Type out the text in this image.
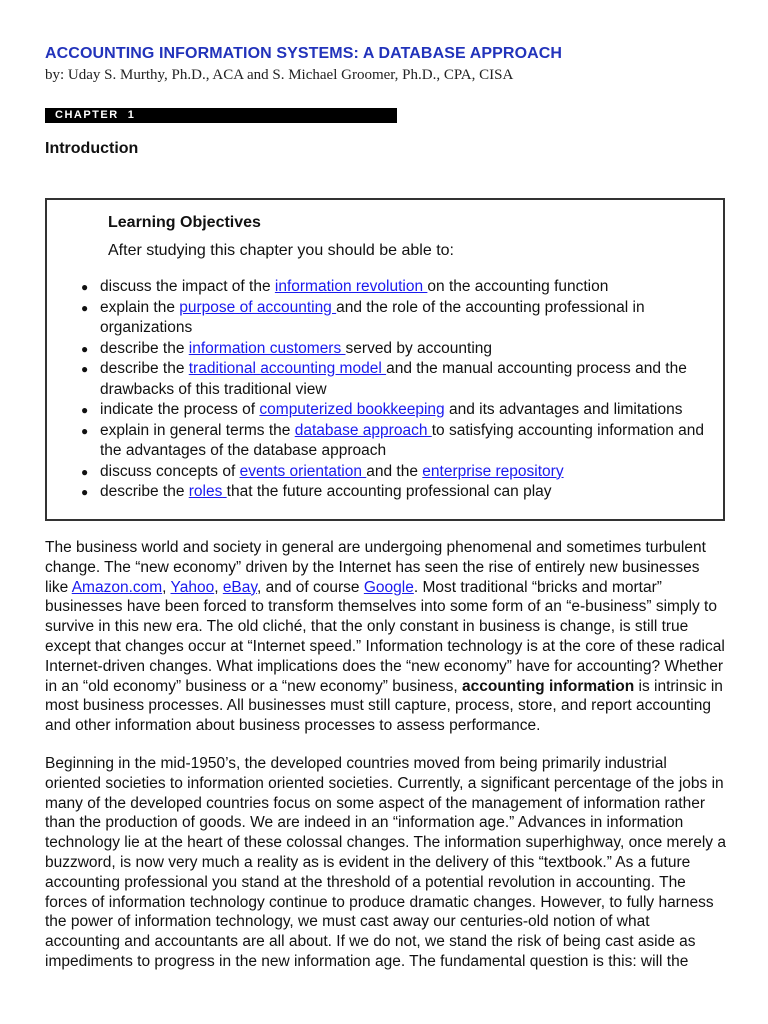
ACCOUNTING INFORMATION SYSTEMS: A DATABASE APPROACH
by: Uday S. Murthy, Ph.D., ACA and S. Michael Groomer, Ph.D., CPA, CISA
CHAPTER  1
Introduction
Learning Objectives
After studying this chapter you should be able to:
● discuss the impact of the information revolution on the accounting function
● explain the purpose of accounting and the role of the accounting professional in organizations
● describe the information customers served by accounting
● describe the traditional accounting model and the manual accounting process and the drawbacks of this traditional view
● indicate the process of computerized bookkeeping and its advantages and limitations
● explain in general terms the database approach to satisfying accounting information and the advantages of the database approach
● discuss concepts of events orientation and the enterprise repository
● describe the roles that the future accounting professional can play

The business world and society in general are undergoing phenomenal and sometimes turbulent change. The “new economy” driven by the Internet has seen the rise of entirely new businesses like Amazon.com, Yahoo, eBay, and of course Google. Most traditional “bricks and mortar” businesses have been forced to transform themselves into some form of an “e-business” simply to survive in this new era. The old cliché, that the only constant in business is change, is still true except that changes occur at “Internet speed.” Information technology is at the core of these radical Internet-driven changes. What implications does the “new economy” have for accounting? Whether in an “old economy” business or a “new economy” business, accounting information is intrinsic in most business processes. All businesses must still capture, process, store, and report accounting and other information about business processes to assess performance.

Beginning in the mid-1950’s, the developed countries moved from being primarily industrial oriented societies to information oriented societies. Currently, a significant percentage of the jobs in many of the developed countries focus on some aspect of the management of information rather than the production of goods. We are indeed in an “information age.” Advances in information technology lie at the heart of these colossal changes. The information superhighway, once merely a buzzword, is now very much a reality as is evident in the delivery of this “textbook.” As a future accounting professional you stand at the threshold of a potential revolution in accounting. The forces of information technology continue to produce dramatic changes. However, to fully harness the power of information technology, we must cast away our centuries-old notion of what accounting and accountants are all about. If we do not, we stand the risk of being cast aside as impediments to progress in the new information age. The fundamental question is this: will the
